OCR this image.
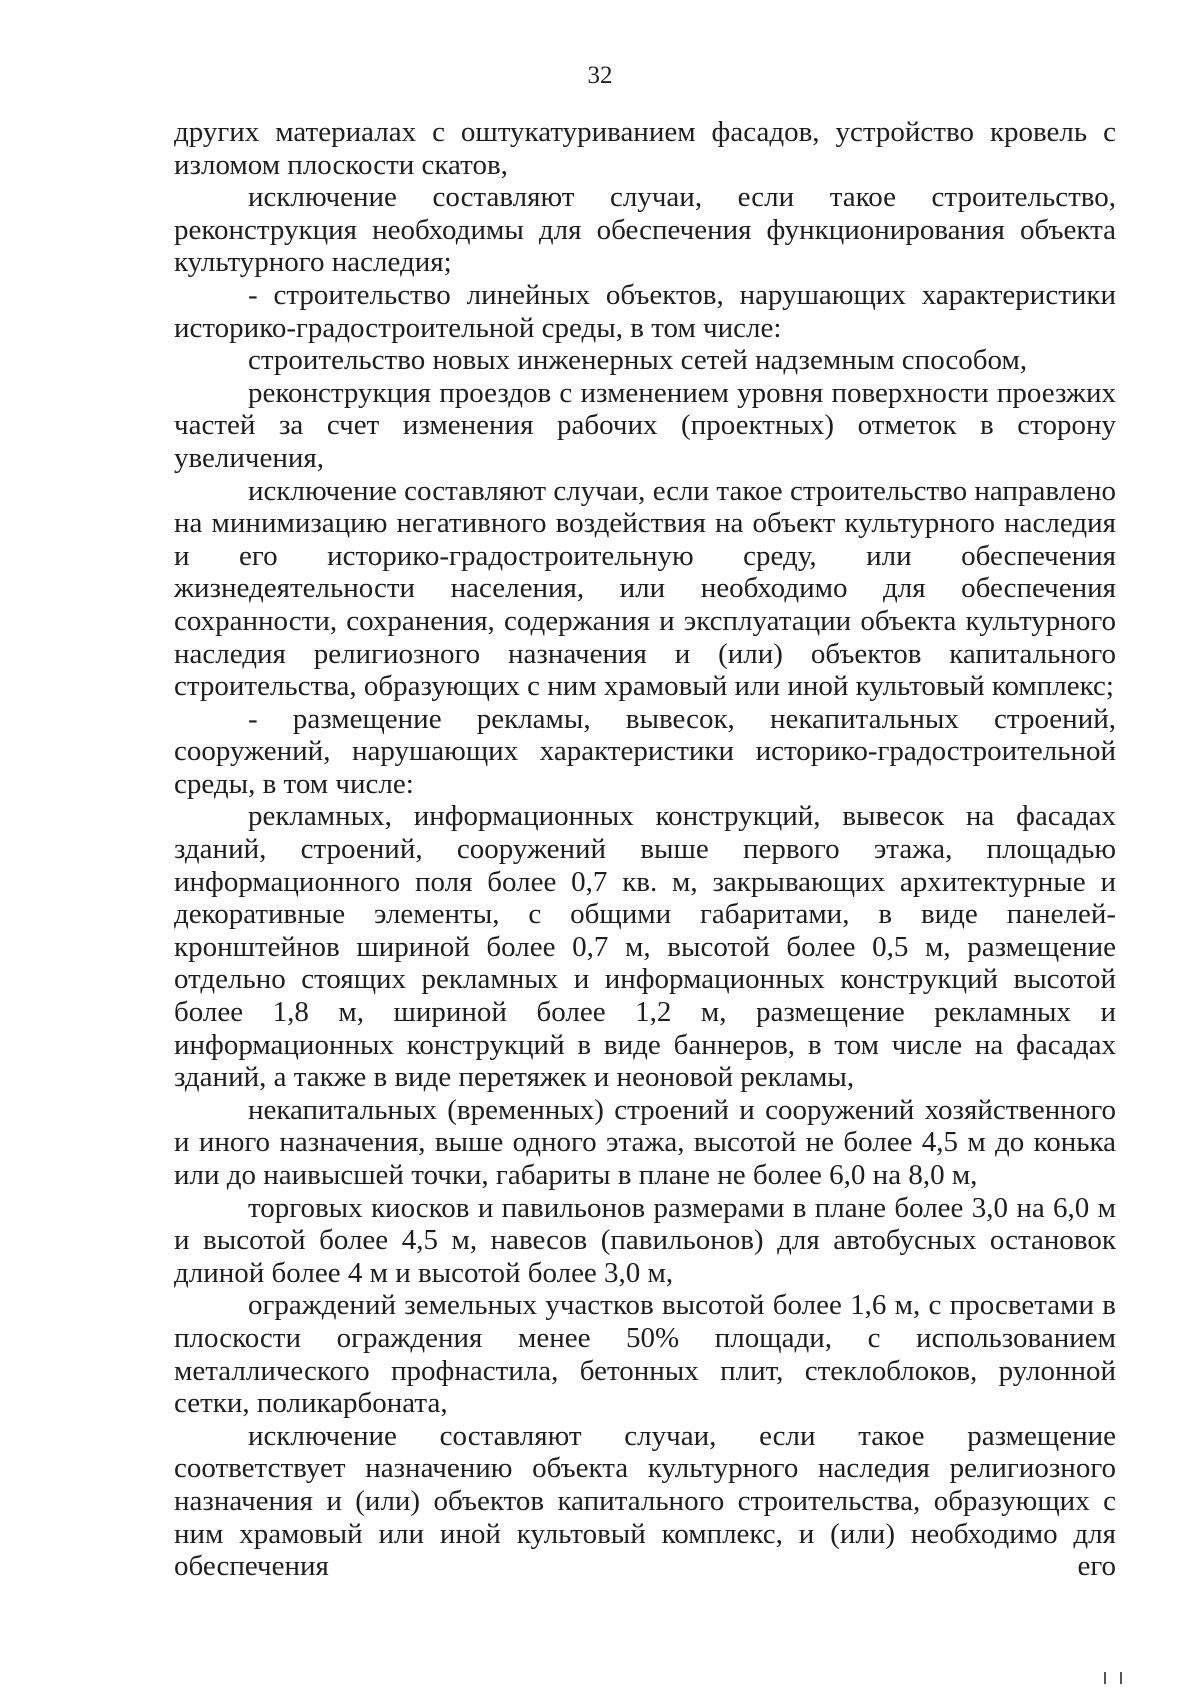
32

других материалах с оштукатуриванием фасадов, устройство кровель с изломом плоскости скатов,

исключение составляют случаи, если такое строительство, реконструкция необходимы для обеспечения функционирования объекта культурного наследия;

- строительство линейных объектов, нарушающих характеристики историко-градостроительной среды, в том числе:

строительство новых инженерных сетей надземным способом,

реконструкция проездов с изменением уровня поверхности проезжих частей за счет изменения рабочих (проектных) отметок в сторону увеличения,

исключение составляют случаи, если такое строительство направлено на минимизацию негативного воздействия на объект культурного наследия и его историко-градостроительную среду, или обеспечения жизнедеятельности населения, или необходимо для обеспечения сохранности, сохранения, содержания и эксплуатации объекта культурного наследия религиозного назначения и (или) объектов капитального строительства, образующих с ним храмовый или иной культовый комплекс;

- размещение рекламы, вывесок, некапитальных строений, сооружений, нарушающих характеристики историко-градостроительной среды, в том числе:

рекламных, информационных конструкций, вывесок на фасадах зданий, строений, сооружений выше первого этажа, площадью информационного поля более 0,7 кв. м, закрывающих архитектурные и декоративные элементы, с общими габаритами, в виде панелей-кронштейнов шириной более 0,7 м, высотой более 0,5 м, размещение отдельно стоящих рекламных и информационных конструкций высотой более 1,8 м, шириной более 1,2 м, размещение рекламных и информационных конструкций в виде баннеров, в том числе на фасадах зданий, а также в виде перетяжек и неоновой рекламы,

некапитальных (временных) строений и сооружений хозяйственного и иного назначения, выше одного этажа, высотой не более 4,5 м до конька или до наивысшей точки, габариты в плане не более 6,0 на 8,0 м,

торговых киосков и павильонов размерами в плане более 3,0 на 6,0 м и высотой более 4,5 м, навесов (павильонов) для автобусных остановок длиной более 4 м и высотой более 3,0 м,

ограждений земельных участков высотой более 1,6 м, с просветами в плоскости ограждения менее 50% площади, с использованием металлического профнастила, бетонных плит, стеклоблоков, рулонной сетки, поликарбоната,

исключение составляют случаи, если такое размещение соответствует назначению объекта культурного наследия религиозного назначения и (или) объектов капитального строительства, образующих с ним храмовый или иной культовый комплекс, и (или) необходимо для обеспечения его
